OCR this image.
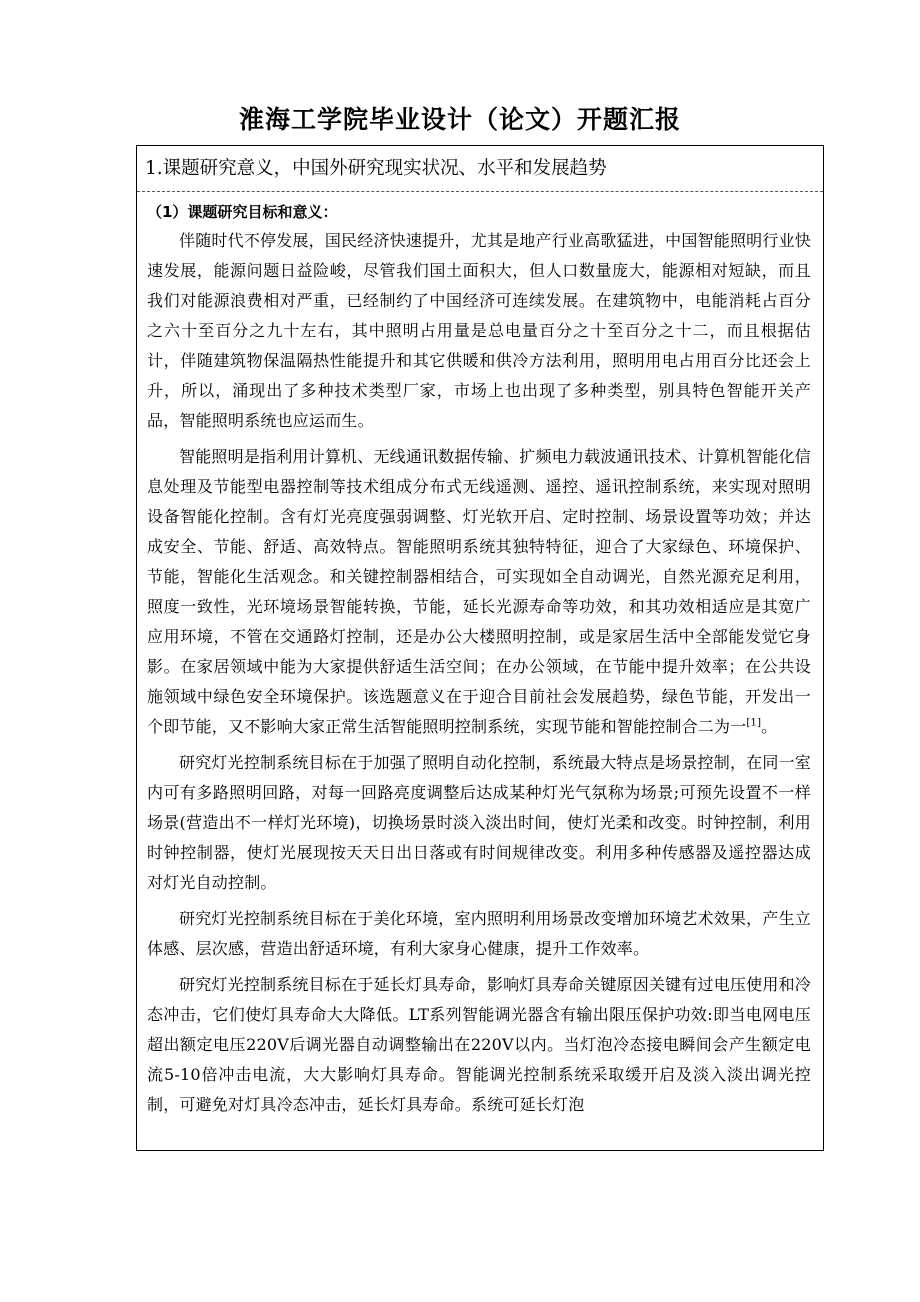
淮海工学院毕业设计（论文）开题汇报
1.课题研究意义，中国外研究现实状况、水平和发展趋势
（1）课题研究目标和意义：

伴随时代不停发展，国民经济快速提升，尤其是地产行业高歌猛进，中国智能照明行业快速发展，能源问题日益险峻，尽管我们国土面积大，但人口数量庞大，能源相对短缺，而且我们对能源浪费相对严重，已经制约了中国经济可连续发展。在建筑物中，电能消耗占百分之六十至百分之九十左右，其中照明占用量是总电量百分之十至百分之十二，而且根据估计，伴随建筑物保温隔热性能提升和其它供暖和供冷方法利用，照明用电占用百分比还会上升，所以，涌现出了多种技术类型厂家，市场上也出现了多种类型，别具特色智能开关产品，智能照明系统也应运而生。

智能照明是指利用计算机、无线通讯数据传输、扩频电力载波通讯技术、计算机智能化信息处理及节能型电器控制等技术组成分布式无线遥测、遥控、遥讯控制系统，来实现对照明设备智能化控制。含有灯光亮度强弱调整、灯光软开启、定时控制、场景设置等功效；并达成安全、节能、舒适、高效特点。智能照明系统其独特特征，迎合了大家绿色、环境保护、节能，智能化生活观念。和关键控制器相结合，可实现如全自动调光，自然光源充足利用，照度一致性，光环境场景智能转换，节能，延长光源寿命等功效，和其功效相适应是其宽广应用环境，不管在交通路灯控制，还是办公大楼照明控制，或是家居生活中全部能发觉它身影。在家居领域中能为大家提供舒适生活空间；在办公领域，在节能中提升效率；在公共设施领域中绿色安全环境保护。该选题意义在于迎合目前社会发展趋势，绿色节能，开发出一个即节能，又不影响大家正常生活智能照明控制系统，实现节能和智能控制合二为一[1]。

研究灯光控制系统目标在于加强了照明自动化控制，系统最大特点是场景控制，在同一室内可有多路照明回路，对每一回路亮度调整后达成某种灯光气氛称为场景;可预先设置不一样场景(营造出不一样灯光环境)，切换场景时淡入淡出时间，使灯光柔和改变。时钟控制，利用时钟控制器，使灯光展现按天天日出日落或有时间规律改变。利用多种传感器及遥控器达成对灯光自动控制。

研究灯光控制系统目标在于美化环境，室内照明利用场景改变增加环境艺术效果，产生立体感、层次感，营造出舒适环境，有利大家身心健康，提升工作效率。

研究灯光控制系统目标在于延长灯具寿命，影响灯具寿命关键原因关键有过电压使用和冷态冲击，它们使灯具寿命大大降低。LT系列智能调光器含有输出限压保护功效:即当电网电压超出额定电压220V后调光器自动调整输出在220V以内。当灯泡冷态接电瞬间会产生额定电流5-10倍冲击电流，大大影响灯具寿命。智能调光控制系统采取缓开启及淡入淡出调光控制，可避免对灯具冷态冲击，延长灯具寿命。系统可延长灯泡
